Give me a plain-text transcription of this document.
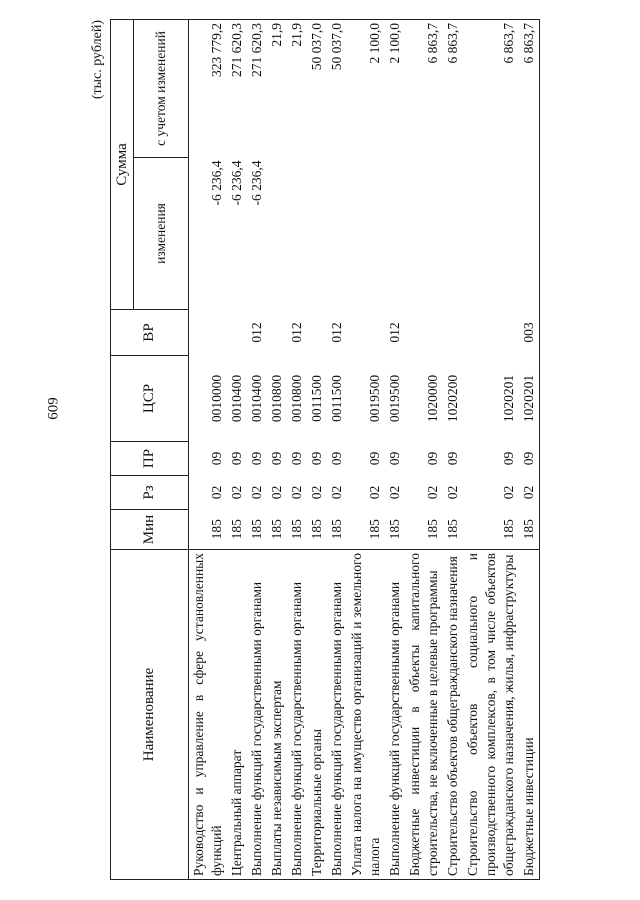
609
(тыс. рублей)
Наименование	Мин	Рз	ПР	ЦСР	ВР	Сумма	
						изменения	с учетом изменений
Руководство и управление в сфере установленных функций	185	02	09	0010000		-6 236,4	323 779,2
Центральный аппарат	185	02	09	0010400		-6 236,4	271 620,3
Выполнение функций государственными органами	185	02	09	0010400	012	-6 236,4	271 620,3
Выплаты независимым экспертам	185	02	09	0010800			21,9
Выполнение функций государственными органами	185	02	09	0010800	012		21,9
Территориальные органы	185	02	09	0011500			50 037,0
Выполнение функций государственными органами	185	02	09	0011500	012		50 037,0
Уплата налога на имущество организаций и земельного налога	185	02	09	0019500			2 100,0
Выполнение функций государственными органами	185	02	09	0019500	012		2 100,0
Бюджетные инвестиции в объекты капитального строительства, не включенные в целевые программы	185	02	09	1020000			6 863,7
Строительство объектов общегражданского назначения	185	02	09	1020200			6 863,7
Строительство объектов социального и производственного комплексов, в том числе объектов общегражданского назначения, жилья, инфраструктуры	185	02	09	1020201			6 863,7
Бюджетные инвестиции	185	02	09	1020201	003		6 863,7
